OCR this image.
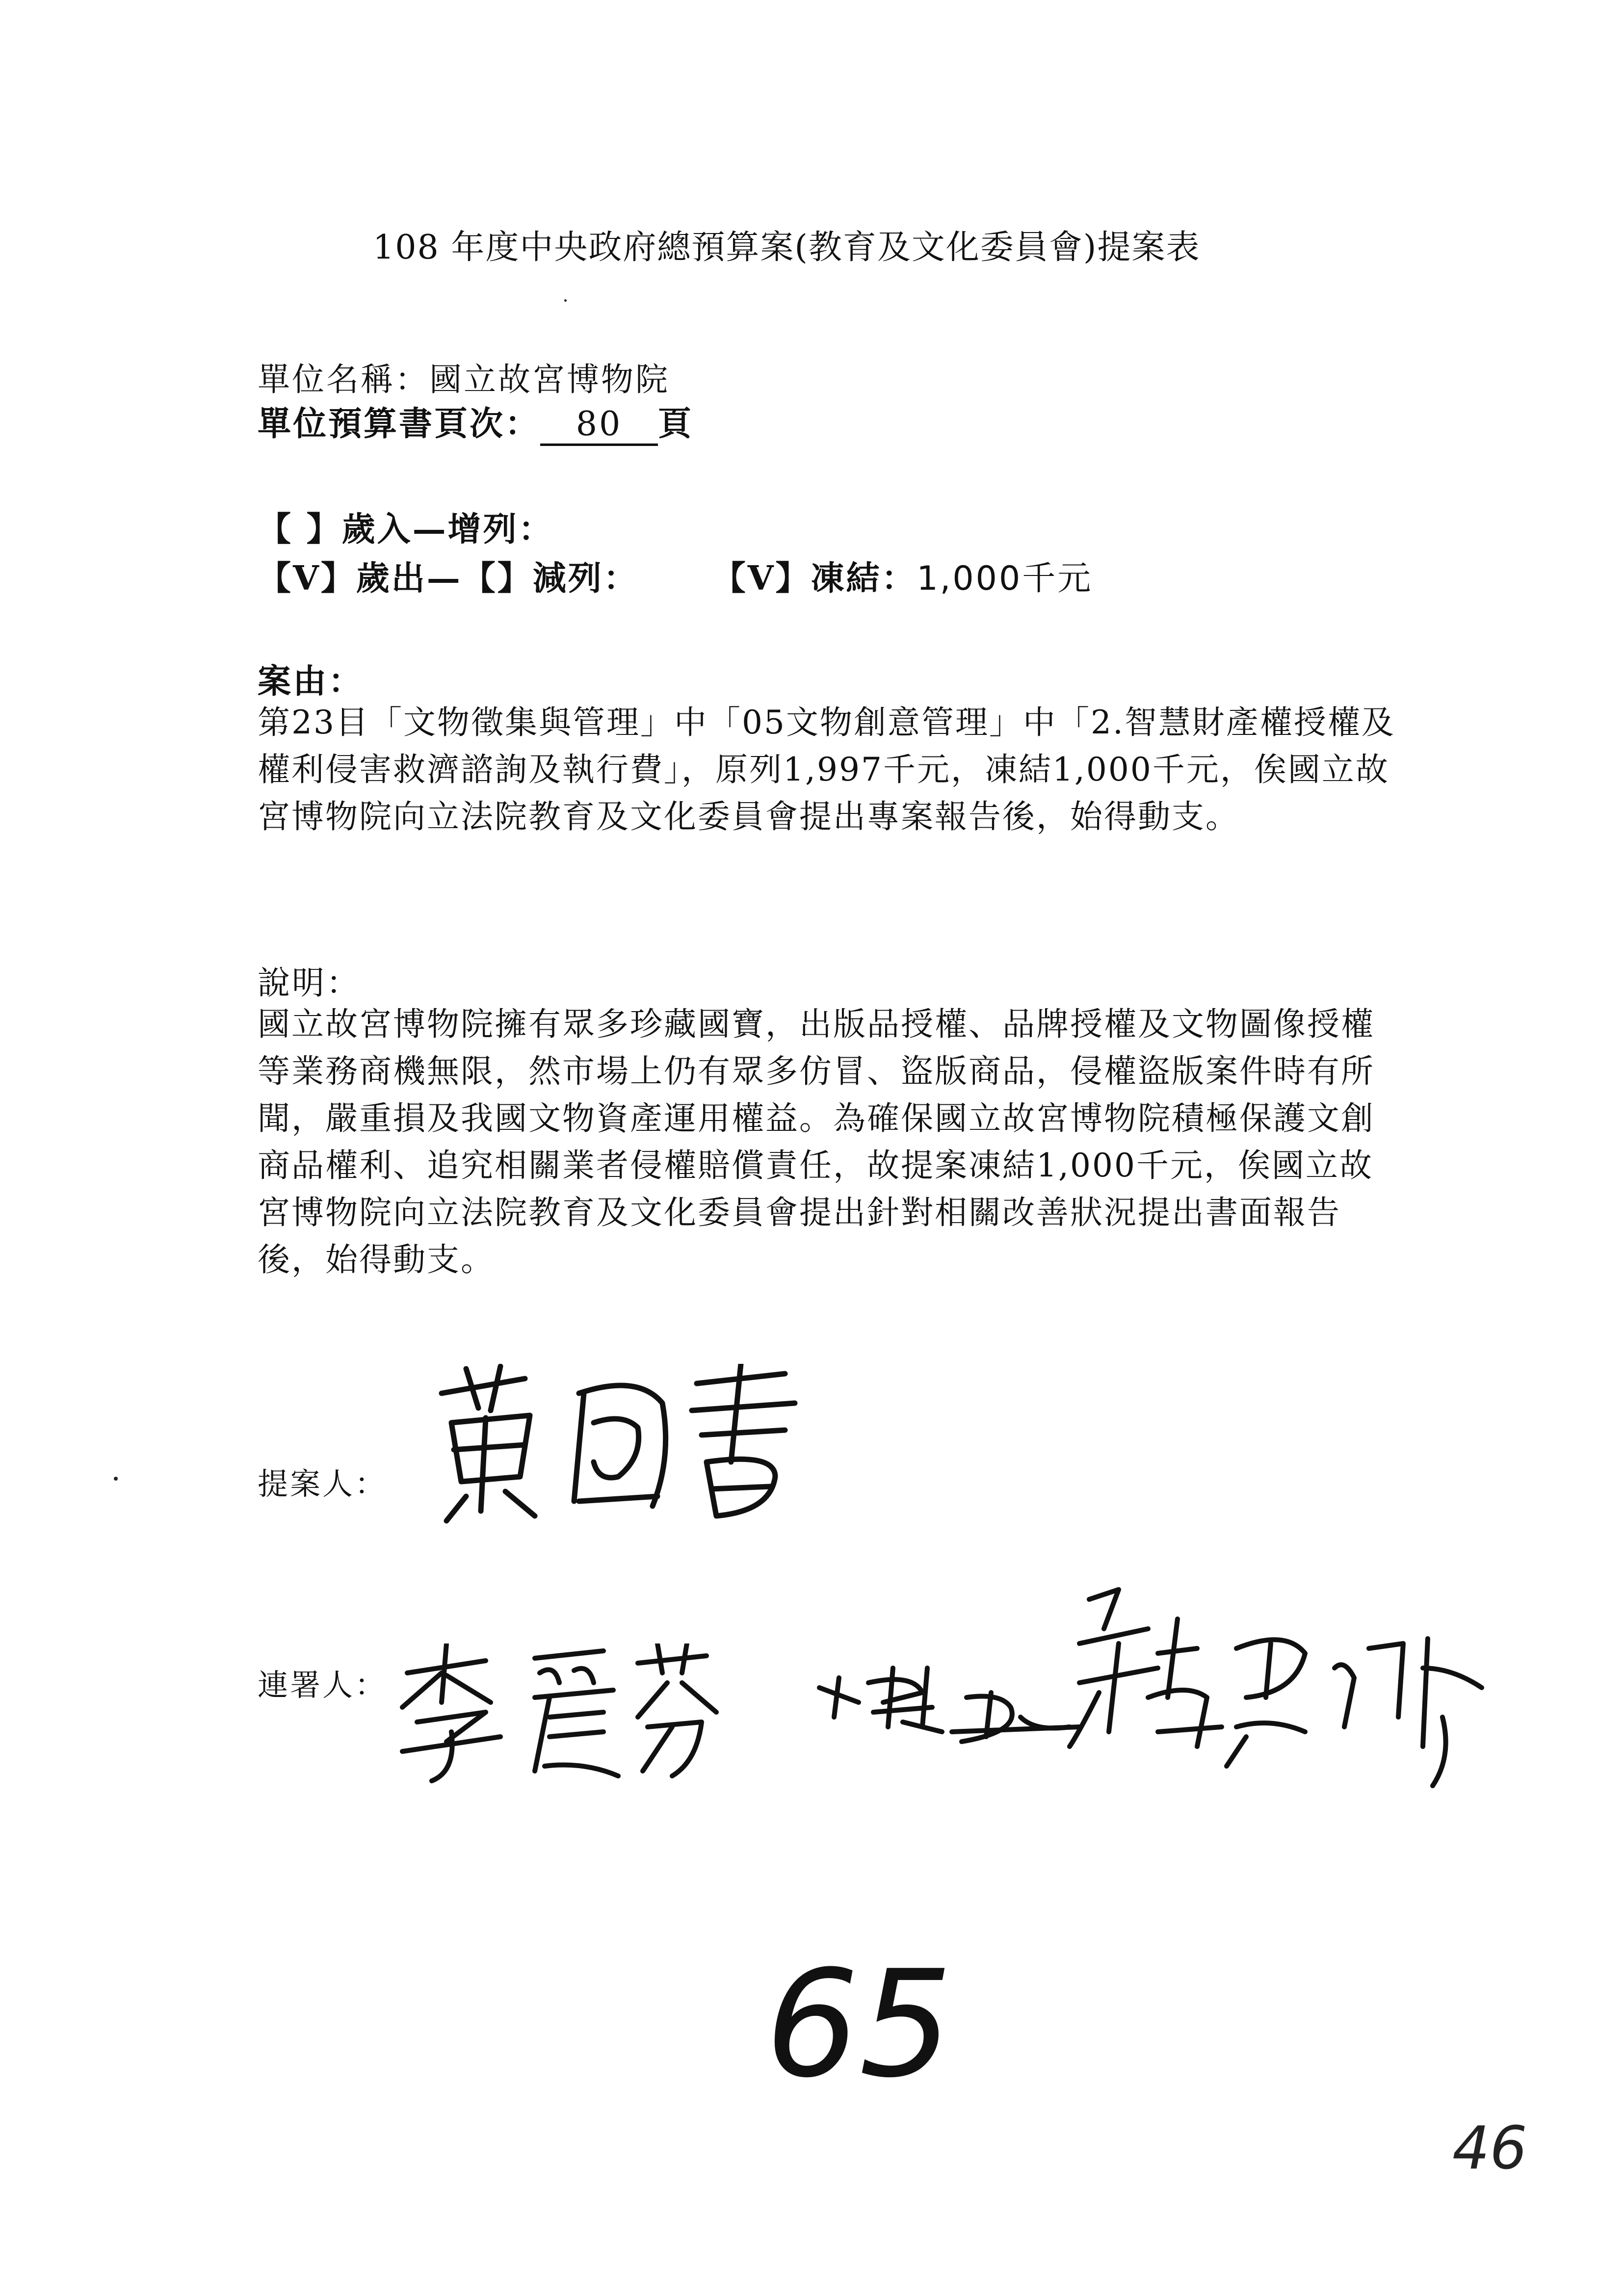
108 年度中央政府總預算案(教育及文化委員會)提案表
單位名稱：國立故宮博物院
單位預算書頁次： 80 頁
【 】歲入—增列：
【V】歲出—【】減列： 【V】凍結：1,000千元
案由：
第23目「文物徵集與管理」中「05文物創意管理」中「2.智慧財產權授權及權利侵害救濟諮詢及執行費」，原列1,997千元，凍結1,000千元，俟國立故宮博物院向立法院教育及文化委員會提出專案報告後，始得動支。
說明：
國立故宮博物院擁有眾多珍藏國寶，出版品授權、品牌授權及文物圖像授權等業務商機無限，然市場上仍有眾多仿冒、盜版商品，侵權盜版案件時有所聞，嚴重損及我國文物資產運用權益。為確保國立故宮博物院積極保護文創商品權利、追究相關業者侵權賠償責任，故提案凍結1,000千元，俟國立故宮博物院向立法院教育及文化委員會提出針對相關改善狀況提出書面報告後，始得動支。
提案人：
連署人：
65
46
